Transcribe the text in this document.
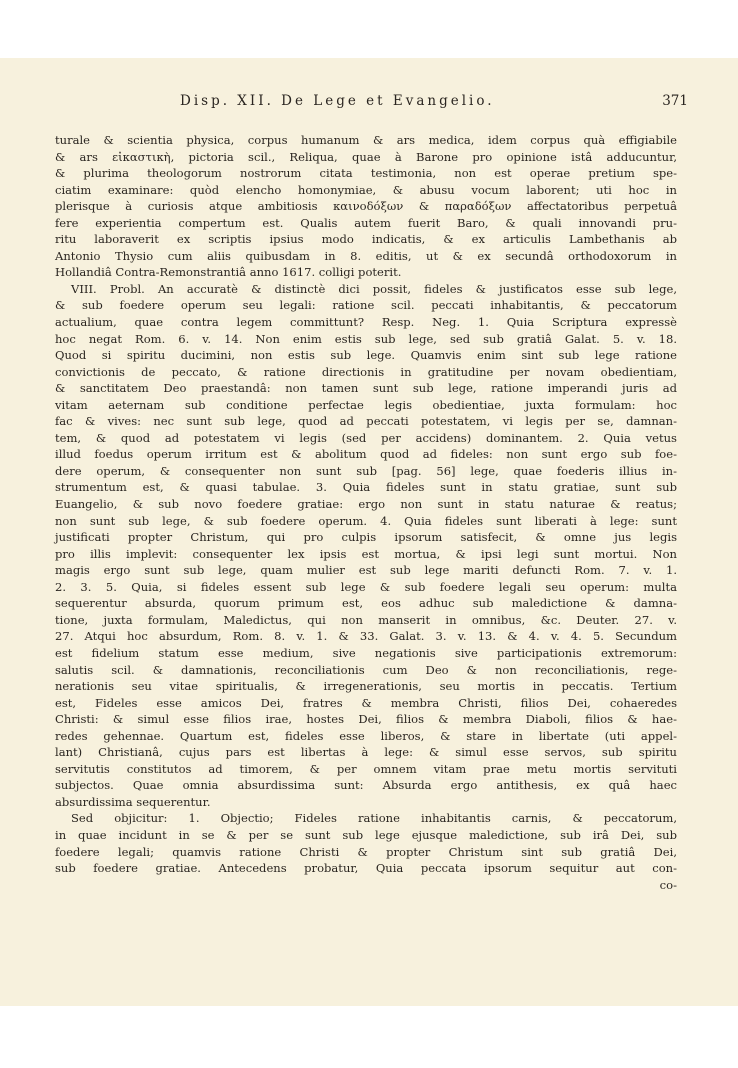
Disp. XII. De Lege et Evangelio.	371
turale & scientia physica, corpus humanum & ars medica, idem corpus quà effigiabile
& ars εἰκαστικὴ, pictoria scil., Reliqua, quae à Barone pro opinione istâ adducuntur,
& plurima theologorum nostrorum citata testimonia, non est operae pretium spe-
ciatim examinare: quòd elencho homonymiae, & abusu vocum laborent; uti hoc in
plerisque à curiosis atque ambitiosis καινοδόξων & παραδόξων affectatoribus perpetuâ
fere experientia compertum est. Qualis autem fuerit Baro, & quali innovandi pru-
ritu laboraverit ex scriptis ipsius modo indicatis, & ex articulis Lambethanis ab
Antonio Thysio cum aliis quibusdam in 8. editis, ut & ex secundâ orthodoxorum in
Hollandiâ Contra-Remonstrantiâ anno 1617. colligi poterit.
VIII. Probl. An accuratè & distinctè dici possit, fideles & justificatos esse sub lege,
& sub foedere operum seu legali: ratione scil. peccati inhabitantis, & peccatorum
actualium, quae contra legem committunt? Resp. Neg. 1. Quia Scriptura expressè
hoc negat Rom. 6. v. 14. Non enim estis sub lege, sed sub gratiâ Galat. 5. v. 18.
Quod si spiritu ducimini, non estis sub lege. Quamvis enim sint sub lege ratione
convictionis de peccato, & ratione directionis in gratitudine per novam obedientiam,
& sanctitatem Deo praestandâ: non tamen sunt sub lege, ratione imperandi juris ad
vitam aeternam sub conditione perfectae legis obedientiae, juxta formulam: hoc
fac & vives: nec sunt sub lege, quod ad peccati potestatem, vi legis per se, damnan-
tem, & quod ad potestatem vi legis (sed per accidens) dominantem. 2. Quia vetus
illud foedus operum irritum est & abolitum quod ad fideles: non sunt ergo sub foe-
dere operum, & consequenter non sunt sub [pag. 56] lege, quae foederis illius in-
strumentum est, & quasi tabulae. 3. Quia fideles sunt in statu gratiae, sunt sub
Euangelio, & sub novo foedere gratiae: ergo non sunt in statu naturae & reatus;
non sunt sub lege, & sub foedere operum. 4. Quia fideles sunt liberati à lege: sunt
justificati propter Christum, qui pro culpis ipsorum satisfecit, & omne jus legis
pro illis implevit: consequenter lex ipsis est mortua, & ipsi legi sunt mortui. Non
magis ergo sunt sub lege, quam mulier est sub lege mariti defuncti Rom. 7. v. 1.
2. 3. 5. Quia, si fideles essent sub lege & sub foedere legali seu operum: multa
sequerentur absurda, quorum primum est, eos adhuc sub maledictione & damna-
tione, juxta formulam, Maledictus, qui non manserit in omnibus, &c. Deuter. 27. v.
27. Atqui hoc absurdum, Rom. 8. v. 1. & 33. Galat. 3. v. 13. & 4. v. 4. 5. Secundum
est fidelium statum esse medium, sive negationis sive participationis extremorum:
salutis scil. & damnationis, reconciliationis cum Deo & non reconciliationis, rege-
nerationis seu vitae spiritualis, & irregenerationis, seu mortis in peccatis. Tertium
est, Fideles esse amicos Dei, fratres & membra Christi, filios Dei, cohaeredes
Christi: & simul esse filios irae, hostes Dei, filios & membra Diaboli, filios & hae-
redes gehennae. Quartum est, fideles esse liberos, & stare in libertate (uti appel-
lant) Christianâ, cujus pars est libertas à lege: & simul esse servos, sub spiritu
servitutis constitutos ad timorem, & per omnem vitam prae metu mortis servituti
subjectos. Quae omnia absurdissima sunt: Absurda ergo antithesis, ex quâ haec
absurdissima sequerentur.
Sed objicitur: 1. Objectio; Fideles ratione inhabitantis carnis, & peccatorum,
in quae incidunt in se & per se sunt sub lege ejusque maledictione, sub irâ Dei, sub
foedere legali; quamvis ratione Christi & propter Christum sint sub gratiâ Dei,
sub foedere gratiae. Antecedens probatur, Quia peccata ipsorum sequitur aut con-
co-
